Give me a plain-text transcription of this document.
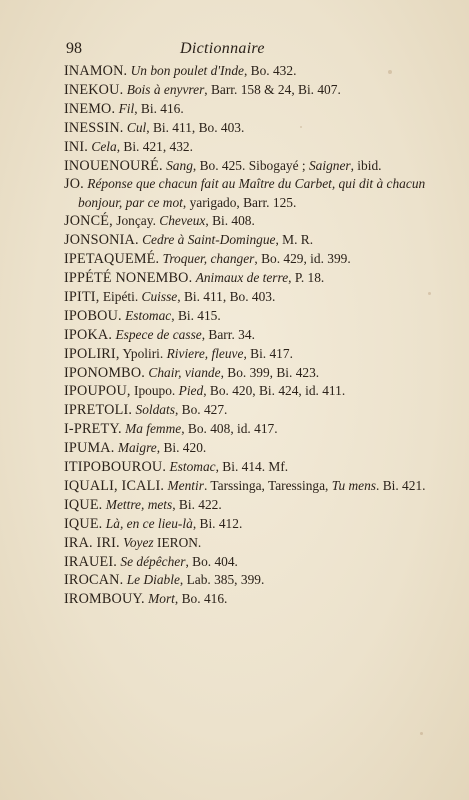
98	Dictionnaire

INAMON. Un bon poulet d'Inde, Bo. 432.

INEKOU. Bois à enyvrer, Barr. 158 & 24, Bi. 407.

INEMO. Fil, Bi. 416.

INESSIN. Cul, Bi. 411, Bo. 403.

INI. Cela, Bi. 421, 432.

INOUENOURÉ. Sang, Bo. 425. Sibogayé ; Saigner, ibid.

JO. Réponse que chacun fait au Maître du Carbet, qui dit à chacun bonjour, par ce mot, yarigado, Barr. 125.

JONCÉ, Jonçay. Cheveux, Bi. 408.

JONSONIA. Cedre à Saint-Domingue, M. R.

IPETAQUEMÉ. Troquer, changer, Bo. 429, id. 399.

IPPÉTÉ NONEMBO. Animaux de terre, P. 18.

IPITI, Eipéti. Cuisse, Bi. 411, Bo. 403.

IPOBOU. Estomac, Bi. 415.

IPOKA. Espece de casse, Barr. 34.

IPOLIRI, Ypoliri. Riviere, fleuve, Bi. 417.

IPONOMBO. Chair, viande, Bo. 399, Bi. 423.

IPOUPOU, Ipoupo. Pied, Bo. 420, Bi. 424, id. 411.

IPRETOLI. Soldats, Bo. 427.

I-PRETY. Ma femme, Bo. 408, id. 417.

IPUMA. Maigre, Bi. 420.

ITIPOBOUROU. Estomac, Bi. 414. Mf.

IQUALI, ICALI. Mentir. Tarssinga, Taressinga, Tu mens. Bi. 421.

IQUE. Mettre, mets, Bi. 422.

IQUE. Là, en ce lieu-là, Bi. 412.

IRA. IRI. Voyez IERON.

IRAUEI. Se dépêcher, Bo. 404.

IROCAN. Le Diable, Lab. 385, 399.

IROMBOUY. Mort, Bo. 416.
